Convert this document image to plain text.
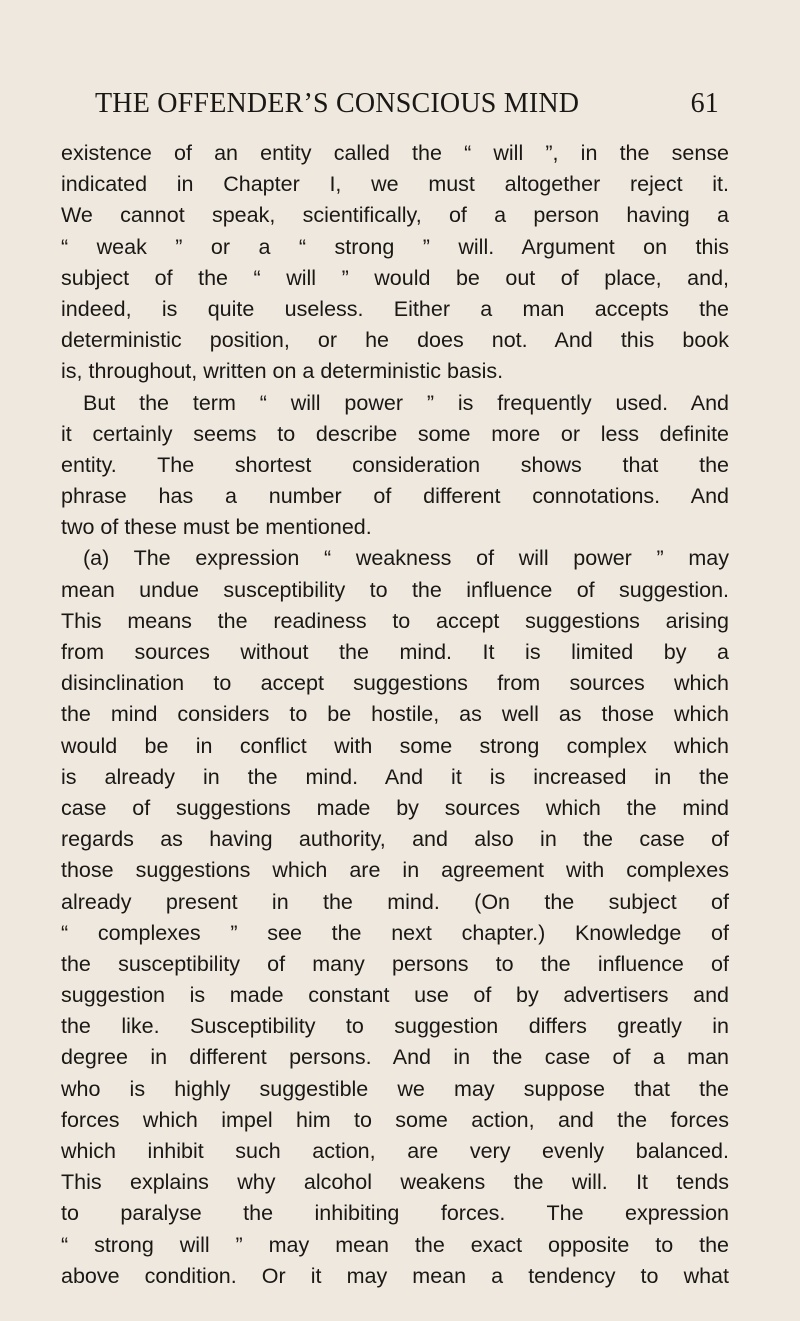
THE OFFENDER’S CONSCIOUS MIND	61
existence of an entity called the “ will ”, in the sense
indicated in Chapter I, we must altogether reject it.
We cannot speak, scientifically, of a person having a
“ weak ” or a “ strong ” will. Argument on this
subject of the “ will ” would be out of place, and,
indeed, is quite useless. Either a man accepts the
deterministic position, or he does not. And this book
is, throughout, written on a deterministic basis.
But the term “ will power ” is frequently used. And
it certainly seems to describe some more or less definite
entity. The shortest consideration shows that the
phrase has a number of different connotations. And
two of these must be mentioned.
(a) The expression “ weakness of will power ” may
mean undue susceptibility to the influence of suggestion.
This means the readiness to accept suggestions arising
from sources without the mind. It is limited by a
disinclination to accept suggestions from sources which
the mind considers to be hostile, as well as those which
would be in conflict with some strong complex which
is already in the mind. And it is increased in the
case of suggestions made by sources which the mind
regards as having authority, and also in the case of
those suggestions which are in agreement with complexes
already present in the mind. (On the subject of
“ complexes ” see the next chapter.) Knowledge of
the susceptibility of many persons to the influence of
suggestion is made constant use of by advertisers and
the like. Susceptibility to suggestion differs greatly in
degree in different persons. And in the case of a man
who is highly suggestible we may suppose that the
forces which impel him to some action, and the forces
which inhibit such action, are very evenly balanced.
This explains why alcohol weakens the will. It tends
to paralyse the inhibiting forces. The expression
“ strong will ” may mean the exact opposite to the
above condition. Or it may mean a tendency to what
